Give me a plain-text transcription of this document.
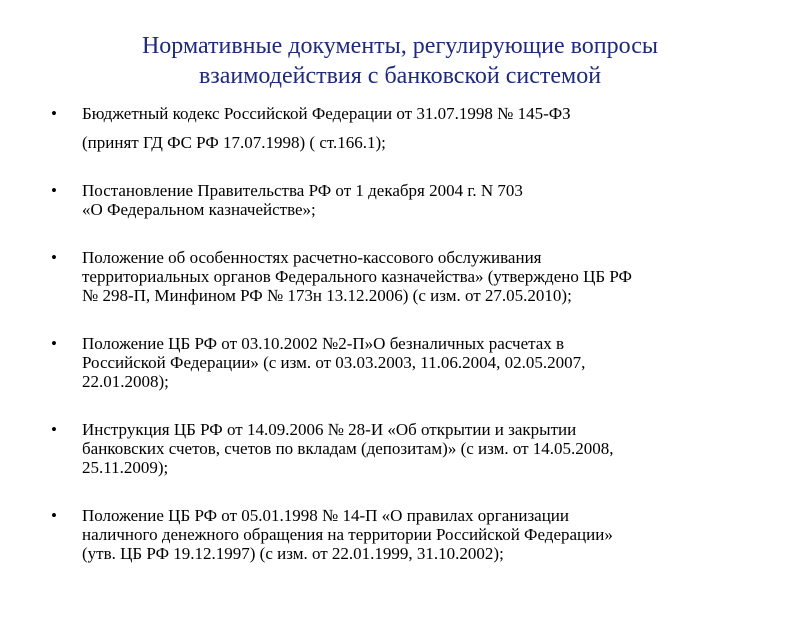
Нормативные документы, регулирующие вопросы
взаимодействия с банковской системой
• Бюджетный кодекс Российской Федерации от 31.07.1998 № 145-ФЗ
(принят ГД ФС РФ 17.07.1998) ( ст.166.1);
• Постановление Правительства РФ от 1 декабря 2004 г. N 703
«О Федеральном казначействе»;
• Положение об особенностях расчетно-кассового обслуживания
территориальных органов Федерального казначейства» (утверждено ЦБ РФ
№ 298-П, Минфином РФ № 173н 13.12.2006) (с изм. от 27.05.2010);
• Положение ЦБ РФ от 03.10.2002 №2-П»О безналичных расчетах в
Российской Федерации» (с изм. от 03.03.2003, 11.06.2004, 02.05.2007,
22.01.2008);
• Инструкция ЦБ РФ от 14.09.2006 № 28-И «Об открытии и закрытии
банковских счетов, счетов по вкладам (депозитам)» (с изм. от 14.05.2008,
25.11.2009);
• Положение ЦБ РФ от 05.01.1998 № 14-П «О правилах организации
наличного денежного обращения на территории Российской Федерации»
(утв. ЦБ РФ 19.12.1997) (с изм. от 22.01.1999, 31.10.2002);
